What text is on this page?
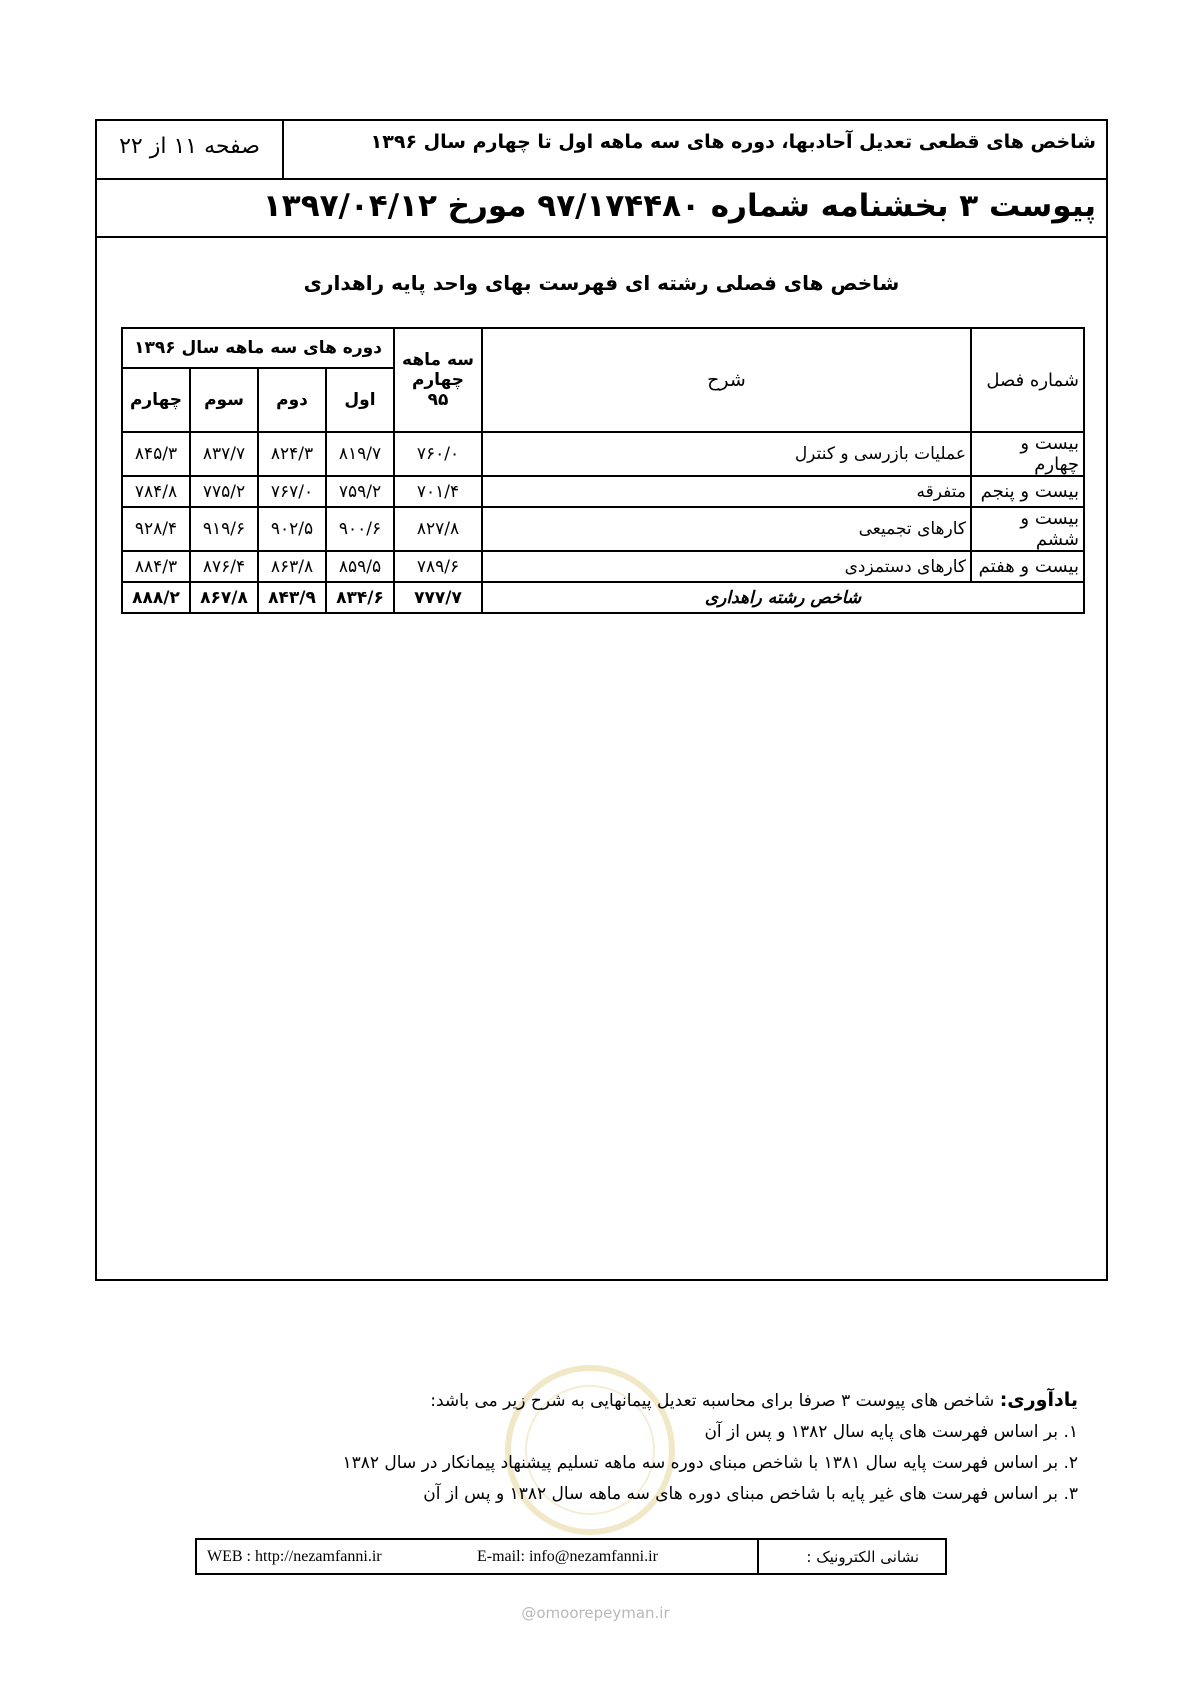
شاخص های قطعی تعدیل آحادبها، دوره های سه ماهه اول تا چهارم سال ۱۳۹۶
صفحه ۱۱ از ۲۲
پیوست ۳ بخشنامه شماره ۹۷/۱۷۴۴۸۰ مورخ ۱۳۹۷/۰۴/۱۲
شاخص های فصلی رشته ای فهرست بهای واحد پایه راهداری
شماره فصل	شرح	سه ماهه چهارم ۹۵	دوره های سه ماهه سال ۱۳۹۶			
			اول	دوم	سوم	چهارم
بیست و چهارم	عملیات بازرسی و کنترل	۷۶۰/۰	۸۱۹/۷	۸۲۴/۳	۸۳۷/۷	۸۴۵/۳
بیست و پنجم	متفرقه	۷۰۱/۴	۷۵۹/۲	۷۶۷/۰	۷۷۵/۲	۷۸۴/۸
بیست و ششم	کارهای تجمیعی	۸۲۷/۸	۹۰۰/۶	۹۰۲/۵	۹۱۹/۶	۹۲۸/۴
بیست و هفتم	کارهای دستمزدی	۷۸۹/۶	۸۵۹/۵	۸۶۳/۸	۸۷۶/۴	۸۸۴/۳
شاخص رشته راهداری		۷۷۷/۷	۸۳۴/۶	۸۴۳/۹	۸۶۷/۸	۸۸۸/۲
یادآوری: شاخص های پیوست ۳ صرفا برای محاسبه تعدیل پیمانهایی به شرح زیر می باشد:
۱. بر اساس فهرست های پایه سال ۱۳۸۲ و پس از آن
۲. بر اساس فهرست پایه سال ۱۳۸۱ با شاخص مبنای دوره سه ماهه تسلیم پیشنهاد پیمانکار در سال ۱۳۸۲
۳. بر اساس فهرست های غیر پایه با شاخص مبنای دوره های سه ماهه سال ۱۳۸۲ و پس از آن
نشانی الکترونیک :
WEB : http://nezamfanni.ir	E-mail: info@nezamfanni.ir
@omoorepeyman.ir
